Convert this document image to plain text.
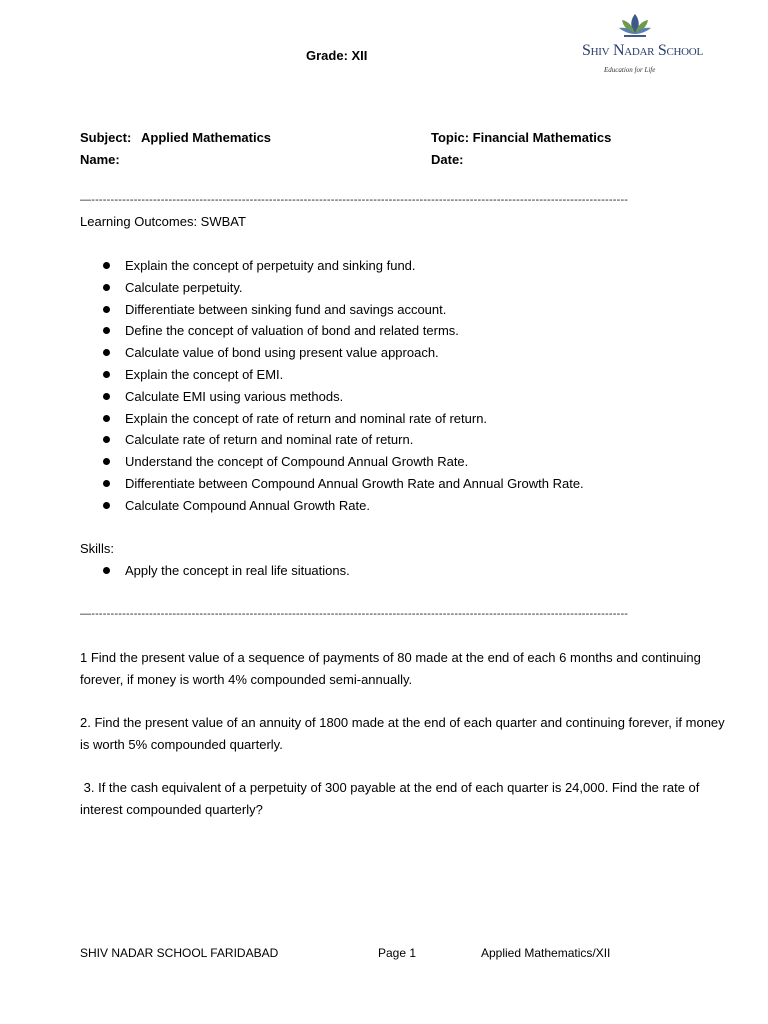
Grade: XII	Shiv Nadar School
Education for Life
Subject: Applied Mathematics	Topic: Financial Mathematics
Name:	Date:
—-------------------------------------------------------------------------------------------------------------------------------------------
Learning Outcomes: SWBAT
Explain the concept of perpetuity and sinking fund.
Calculate perpetuity.
Differentiate between sinking fund and savings account.
Define the concept of valuation of bond and related terms.
Calculate value of bond using present value approach.
Explain the concept of EMI.
Calculate EMI using various methods.
Explain the concept of rate of return and nominal rate of return.
Calculate rate of return and nominal rate of return.
Understand the concept of Compound Annual Growth Rate.
Differentiate between Compound Annual Growth Rate and Annual Growth Rate.
Calculate Compound Annual Growth Rate.
Skills:
Apply the concept in real life situations.
—-------------------------------------------------------------------------------------------------------------------------------------------
1 Find the present value of a sequence of payments of 80 made at the end of each 6 months and continuing forever, if money is worth 4% compounded semi-annually.
2. Find the present value of an annuity of 1800 made at the end of each quarter and continuing forever, if money is worth 5% compounded quarterly.
3. If the cash equivalent of a perpetuity of 300 payable at the end of each quarter is 24,000. Find the rate of interest compounded quarterly?
SHIV NADAR SCHOOL FARIDABAD	Page 1	Applied Mathematics/XII
